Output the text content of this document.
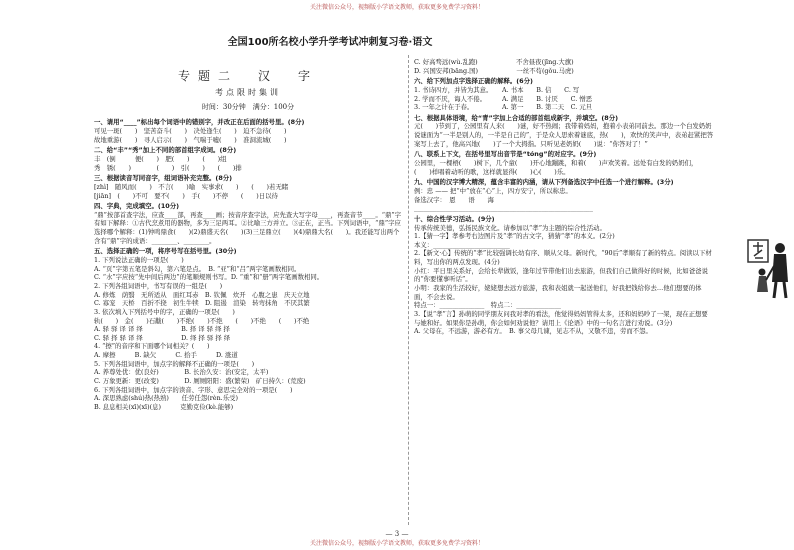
关注微信公众号，视频版小学语文教师，获取更多免费学习资料！
全国100所名校小学升学考试冲刺复习卷·语文
专题二　汉　字
考点限时集训
时间：30分钟　满分：100分
一、请用“____”标出每个词语中的错别字，并改正在后面的括号里。(8分)
可见一斑(　　)　坚苦奋斗(　　)　决处逢生(　　)　迫不急待(　　)
故地重游(　　)　寻人启示(　　)　气喘于嘘(　　)　准洞流城(　　)
二、给“丰”“秀”加上不同的部首组字成词。(8分)
丰　(倒　　　便(　　)　肥(　　)　　(　　)组
秀　锈(　　)　　　　(　　)　引(　　)　　(　　)排
三、根据读音写同音字，组词语补充完整。(8分)
[zhì]　随风而(　　)　不言(　　)喻　实事求(　　)　　(　　)若无睹
[jiān]　(　　)不可　要不(　　)　手(　　)不停　　(　　)日以待
四、字典，完成填空。(10分)
“鼎”按部首查字法，应查____部，再查____画；按音序查字法，应先查大写字母____，再查音节____。“鼎”字有如下解释：①古代烹煮用的器物，多为三足两耳。②比喻三方并立。③正在，正当。下列词语中，“鼎”字应选择哪个解释：(1)钟鸣鼎食(　　)(2)鼎盛天名(　　)(3)三足鼎立(　　)(4)鼎鼎大名(　　)。我还能写出两个含有“鼎”字的成语：________、________。
五、选择正确的一项，将序号写在括号里。(30分)
1. 下列说法正确的一项是(　　)
A. “页”字第五笔是斜勾，第六笔是点。　B. “亚”和“吕”两字笔画数相同。
C. “水”字应按“先中间后两边”的笔顺规则书写。D. “重”和“册”两字笔画数相同。
2. 下列各组词语中，书写有误的一组是(　　)
A. 修炼　荫翳　无所适从　面红耳赤　B. 钦佩　炊开　心腹之患　庆天立地
C. 寡宠　天桥　百折不挠　初生牛犊　D. 阻遏　渲染　转弯抹角　不厌其繁
3. 依次填入下列括号中的字，正确的一项是(　　)
轨(　　)　金(　　)石黻(　　)不绝(　　)不绝　　(　　)不绝　　(　　)不绝
A. 驿 驿 译 译 绎　　　　　　B. 择 译 驿 绎 择
C. 驿 择 驿 译 绎　　　　　　D. 绎 择 驿 择 绎
4. “擦”的音序和下面哪个词相关？(　　)
A. 摩擦　　　B. 缺欠　　　C. 拾手　　　D. 涨道
5. 下列各组词语中，加点字的解释不正确的一项是(　　)
A. 养尊处优：优(良好)　　　　B. 长治久安：治(安定，太平)
C. 万象更新：更(改变)　　　　D. 厕厕阳阳：盛(繁荣)　矿日持久：(荒废)
6. 下列各组词语中，加点字的读音、字形、意思完全对的一项是(　　)
A. 深思熟虑(shú)热(热熟)　　任劳任怨(rèn.乐受)
B. 息息相关(xī)(xī)(息)　　　克勤克俭(kè.能够)
C. 好高骛远(wù.乱跑)　　　　　　不舍昼夜(jīng.大旗)
D. 兴国安邦(bāng.国)　　　　　　一丝不苟(gǒu.马虎)
六、给下列加点字选择正确的解释。(6分)
1. 书诗四方，并皆为其意。　　A. 书本　　B. 信　　C. 写
2. 学而不厌，诲人不倦。　　　A. 满足　　B. 讨厌　　C. 憎恶
3. 一年之计在于春。　　　　　A. 第一　　B. 第二天　C. 元旦
七、根据具体语境，给“青”字加上合适的部首组成新字，并填空。(8分)
元(　　)节到了，公园里有人来(　　)谜，好不热闹；我带着妈妈，抱着小表弟同前去。那边一个白发奶奶说谜面为“一半是别人的，一半是自己的”，于是众人思索着谜底，热(　　)，欢快的笑声中，表弟赶紧把答案写上去了，他高兴地(　　)了一个大拇指。只听见老奶奶(　　)说：“你答对了！”
八、联系上下文，在括号里写出音节是“tóng”的对应字。(9分)
公园里，一棵梧(　　)树下，几个童(　　)开心地蹦跳，和着(　　)声欢笑着。远处有白发的奶奶们，(　　)样唱着动听的歌，这样就显得(　　)心(　　)乐。
九、中国的汉字博大精深，蕴含丰富的内涵，请从下列备选汉字中任选一个进行解释。(3分)
例：忠 —— 把“中”放在“心”上，四方安宁，所以称忠。
备选汉字：　恩　　语　　海
________________________________________________________
十、综合性学习活动。(9分)
传承传统美德，弘扬民族文化。请参加以“孝”为主题的综合性活动。
1.【猜一字】孝参考右边图片及“孝”的古文字，猜猜“孝”的本义。(2分)
本义：________________________
2.【新文·心】传统的“孝”比较强调长幼有序、顺从父母。新时代，“90后”孝顺有了新的特点。阅读以下材料，写出你的两点发现。(4分)
小红：平日里关系好，会给长辈做饭，逢年过节带他们出去旅游，但我们自己做得好的时候，比如爸爸说的“你要懂事听话”。
小明：我家的生活较好，姥姥想去远方旅游，我和表姐就一起送他们，好我把钱给你去…他们想要的体面，不会去说。
特点一：______________　特点二：______________
3.【说“孝”言】孙萌的同学朋友问我对孝的看法，他觉得妈妈管得太多，还和妈妈吵了一架，现在正想要与她和好。如果你是孙萌，你会如何劝说他？请用上《论语》中的一句名言进行劝说。(3分)
A. 父母在，不远游，游必有方。　B. 事父母几谏，见志不从，又敬不违，劳而不怨。
— 3 —
关注微信公众号，视频版小学语文教师，获取更多免费学习资料！
